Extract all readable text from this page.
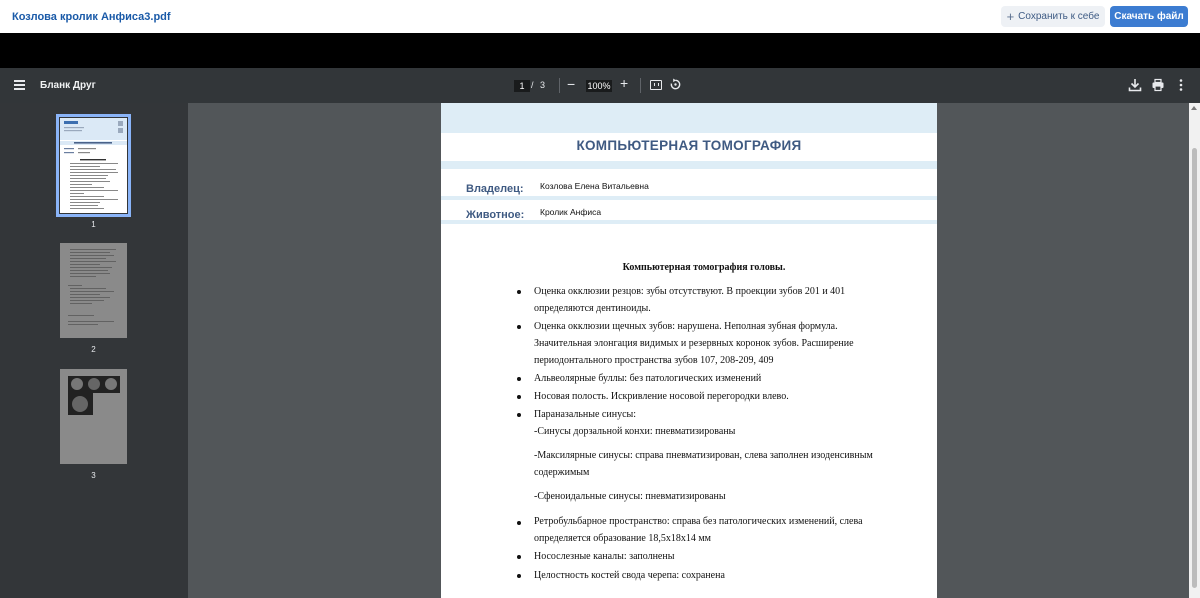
Козлова кролик Анфиса3.pdf	+ Сохранить к себе	Скачать файл
Бланк Друг	1 / 3 − 100% +
1
2
3
КОМПЬЮТЕРНАЯ ТОМОГРАФИЯ
Владелец: Козлова Елена Витальевна
Животное: Кролик Анфиса
Компьютерная томография головы.
Оценка окклюзии резцов: зубы отсутствуют. В проекции зубов 201 и 401
определяются дентиноиды.
Оценка окклюзии щечных зубов: нарушена. Неполная зубная формула.
Значительная элонгация видимых и резервных коронок зубов. Расширение
периодонтального пространства зубов 107, 208-209, 409
Альвеолярные буллы: без патологических изменений
Носовая полость. Искривление носовой перегородки влево.
Параназальные синусы:
-Синусы дорзальной конхи: пневматизированы
-Максилярные синусы: справа пневматизирован, слева заполнен изоденсивным
содержимым
-Сфеноидальные синусы: пневматизированы
Ретробульбарное пространство: справа без патологических изменений, слева
определяется образование 18,5х18х14 мм
Носослезные каналы: заполнены
Целостность костей свода черепа: сохранена
